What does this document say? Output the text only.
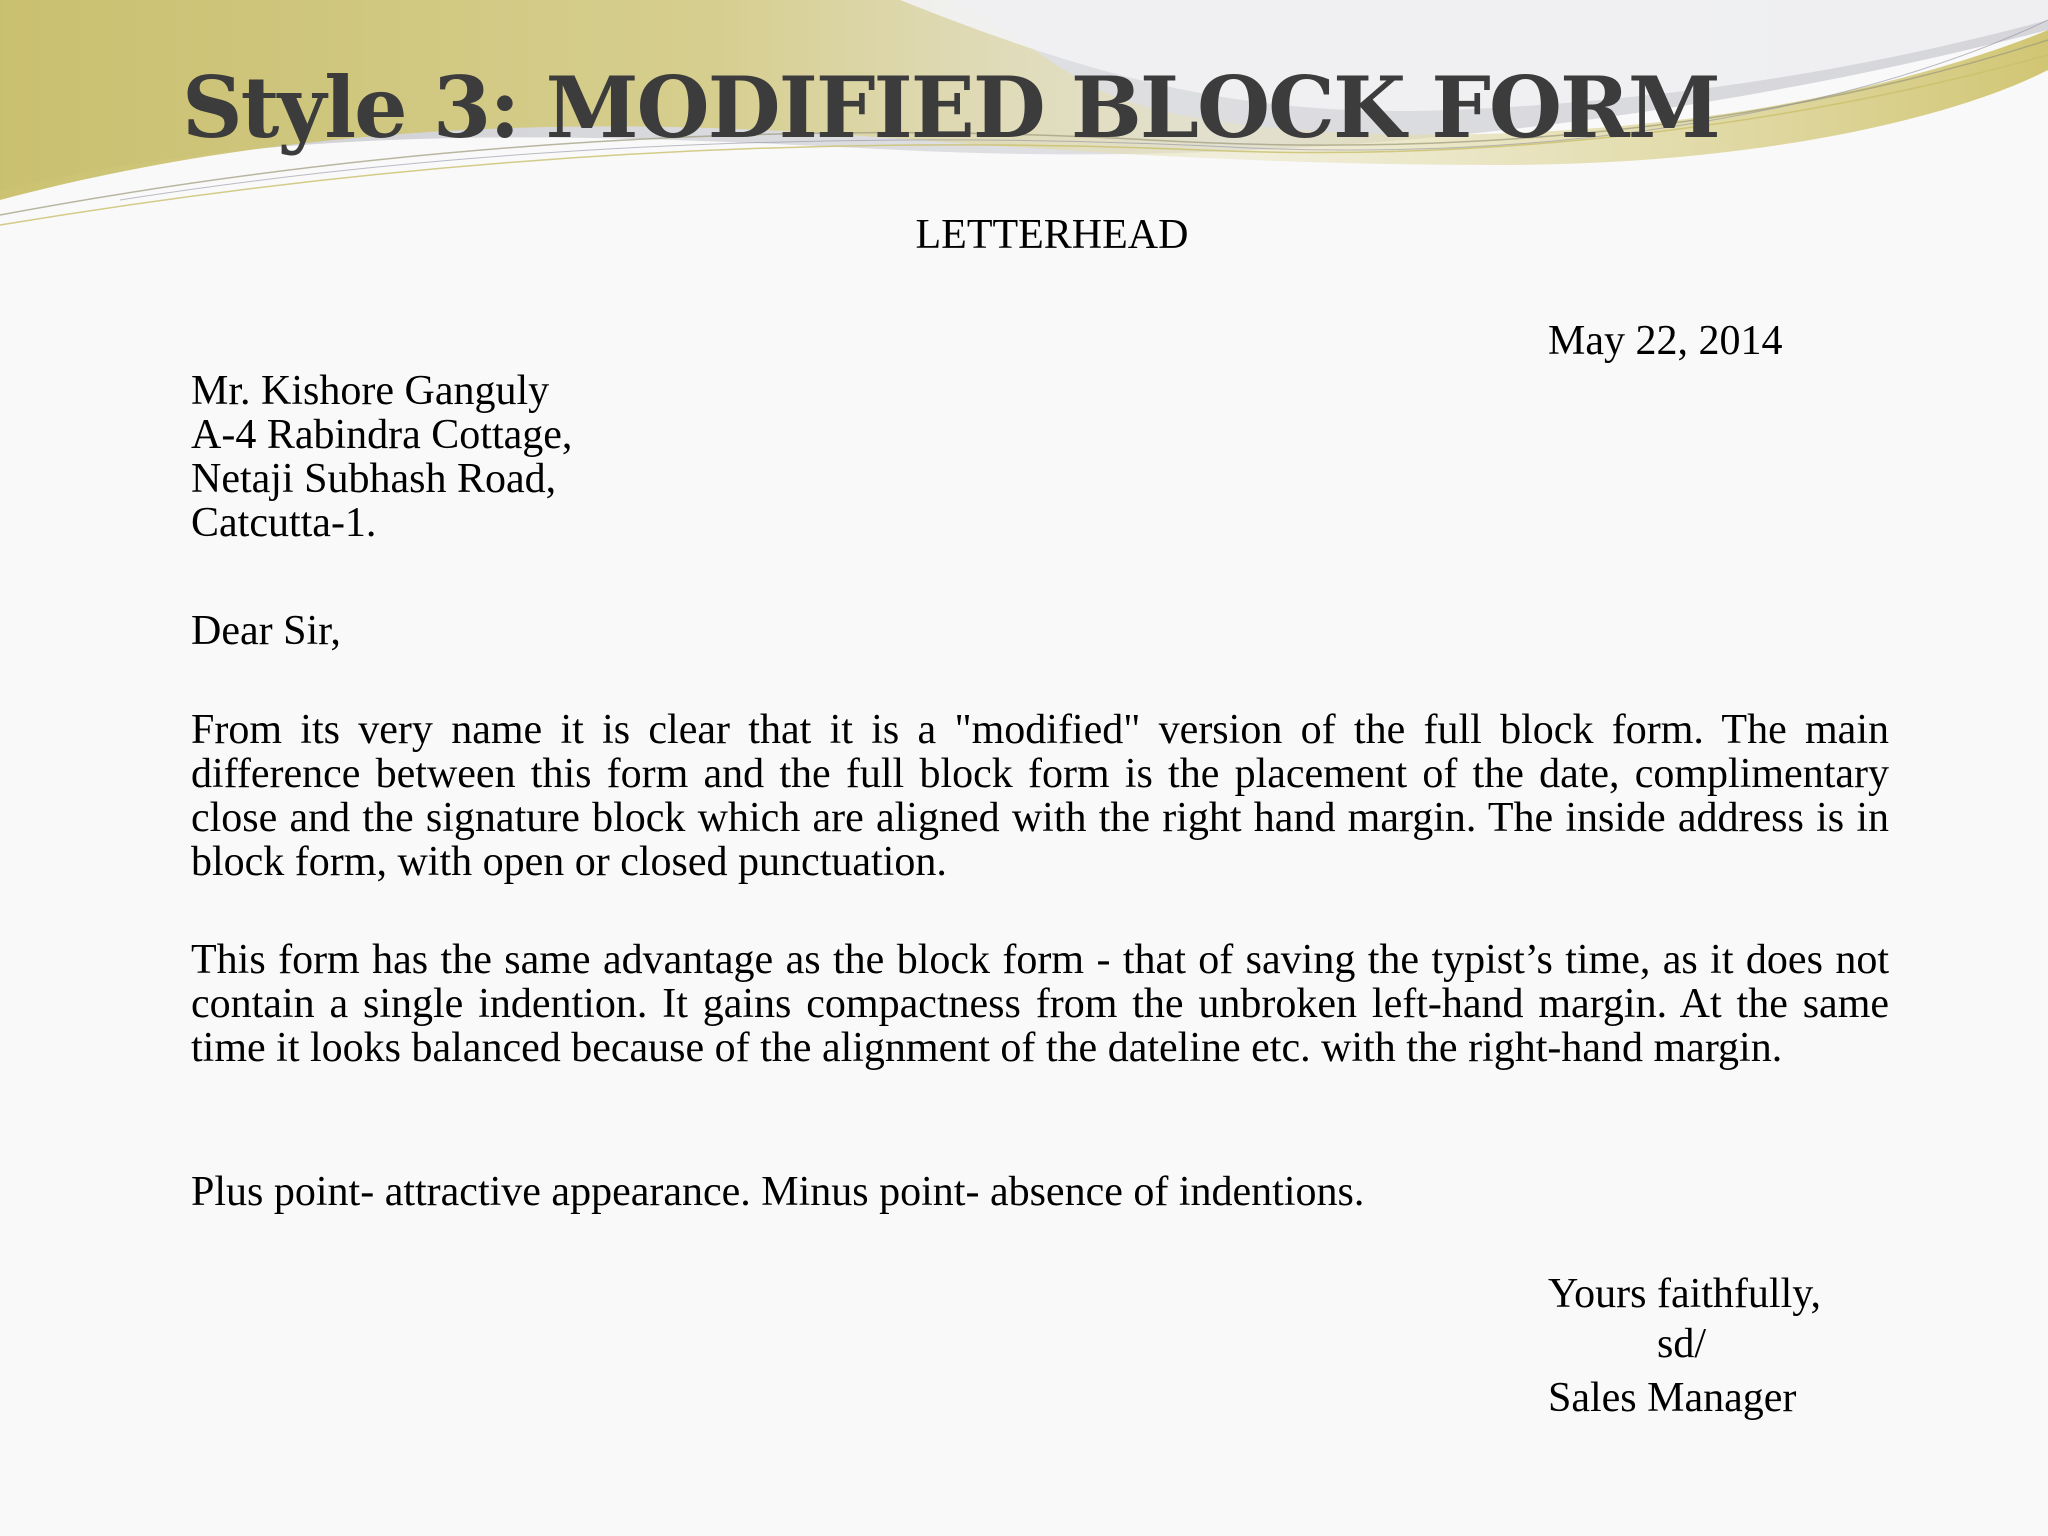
Style 3: MODIFIED BLOCK FORM
LETTERHEAD
May 22, 2014
Mr. Kishore Ganguly
A-4 Rabindra Cottage,
Netaji Subhash Road,
Catcutta-1.
Dear Sir,

From its very name it is clear that it is a "modified" version of the full block form. The main difference between this form and the full block form is the placement of the date, complimentary close and the signature block which are aligned with the right hand margin. The inside address is in block form, with open or closed punctuation.

This form has the same advantage as the block form - that of saving the typist’s time, as it does not contain a single indention. It gains compactness from the unbroken left-hand margin. At the same time it looks balanced because of the alignment of the dateline etc. with the right-hand margin.

Plus point- attractive appearance. Minus point- absence of indentions.
Yours faithfully,
sd/
Sales Manager
